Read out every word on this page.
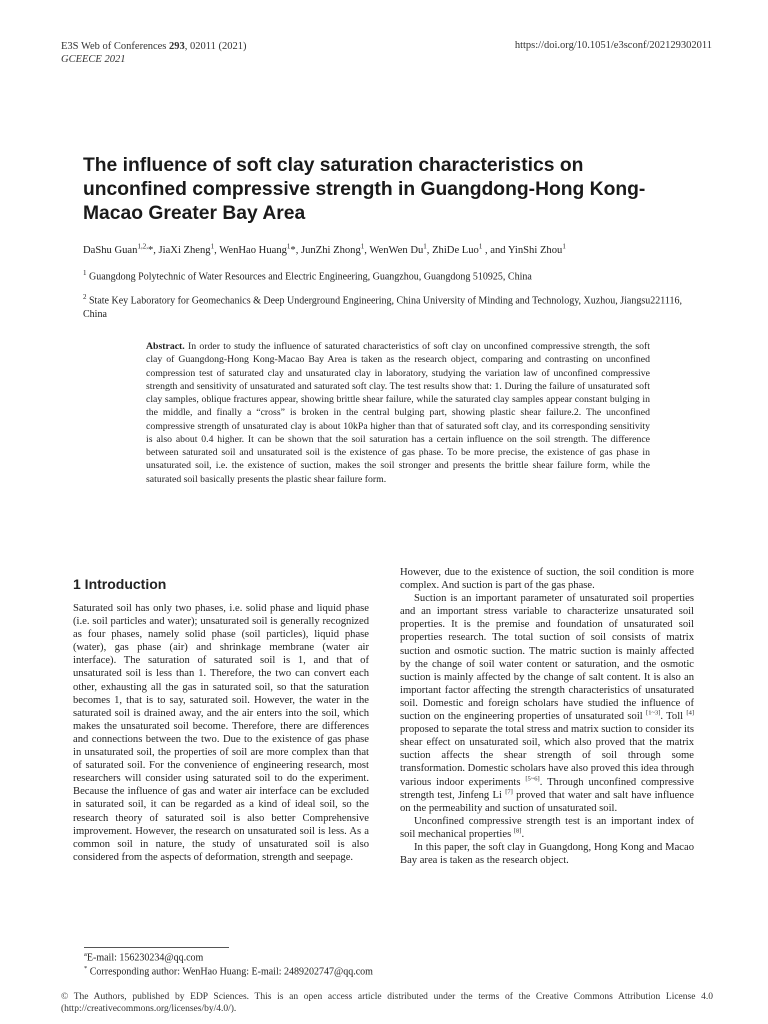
E3S Web of Conferences 293, 02011 (2021)
GCEECE 2021
https://doi.org/10.1051/e3sconf/202129302011
The influence of soft clay saturation characteristics on unconfined compressive strength in Guangdong-Hong Kong-Macao Greater Bay Area
DaShu Guan$^{1,2,}$*, JiaXi Zheng$^1$, WenHao Huang$^1$*, JunZhi Zhong$^1$, WenWen Du$^1$, ZhiDe Luo$^1$ , and YinShi Zhou$^1$
$^1$ Guangdong Polytechnic of Water Resources and Electric Engineering, Guangzhou, Guangdong 510925, China
$^2$ State Key Laboratory for Geomechanics & Deep Underground Engineering, China University of Minding and Technology, Xuzhou, Jiangsu221116, China

Abstract. In order to study the influence of saturated characteristics of soft clay on unconfined compressive strength, the soft clay of Guangdong-Hong Kong-Macao Bay Area is taken as the research object, comparing and contrasting on unconfined compression test of saturated clay and unsaturated clay in laboratory, studying the variation law of unconfined compressive strength and sensitivity of unsaturated and saturated soft clay. The test results show that: 1. During the failure of unsaturated soft clay samples, oblique fractures appear, showing brittle shear failure, while the saturated clay samples appear constant bulging in the middle, and finally a “cross” is broken in the central bulging part, showing plastic shear failure.2. The unconfined compressive strength of unsaturated clay is about 10kPa higher than that of saturated soft clay, and its corresponding sensitivity is also about 0.4 higher. It can be shown that the soil saturation has a certain influence on the soil strength. The difference between saturated soil and unsaturated soil is the existence of gas phase. To be more precise, the existence of gas phase in unsaturated soil, i.e. the existence of suction, makes the soil stronger and presents the brittle shear failure form, while the saturated soil basically presents the plastic shear failure form.

1 Introduction

Saturated soil has only two phases, i.e. solid phase and liquid phase (i.e. soil particles and water); unsaturated soil is generally recognized as four phases, namely solid phase (soil particles), liquid phase (water), gas phase (air) and shrinkage membrane (water air interface). The saturation of saturated soil is 1, and that of unsaturated soil is less than 1. Therefore, the two can convert each other, exhausting all the gas in saturated soil, so that the saturation becomes 1, that is to say, saturated soil. However, the water in the saturated soil is drained away, and the air enters into the soil, which makes the unsaturated soil become. Therefore, there are differences and connections between the two. Due to the existence of gas phase in unsaturated soil, the properties of soil are more complex than that of saturated soil. For the convenience of engineering research, most researchers will consider using saturated soil to do the experiment. Because the influence of gas and water air interface can be excluded in saturated soil, it can be regarded as a kind of ideal soil, so the research theory of saturated soil is also better Comprehensive improvement. However, the research on unsaturated soil is less. As a common soil in nature, the study of unsaturated soil is also considered from the aspects of deformation, strength and seepage.

However, due to the existence of suction, the soil condition is more complex. And suction is part of the gas phase.

Suction is an important parameter of unsaturated soil properties and an important stress variable to characterize unsaturated soil properties. It is the premise and foundation of unsaturated soil properties research. The total suction of soil consists of matrix suction and osmotic suction. The matric suction is mainly affected by the change of soil water content or saturation, and the osmotic suction is mainly affected by the change of salt content. It is also an important factor affecting the strength characteristics of unsaturated soil. Domestic and foreign scholars have studied the influence of suction on the engineering properties of unsaturated soil [1~3]. Toll [4] proposed to separate the total stress and matrix suction to consider its shear effect on unsaturated soil, which also proved that the matrix suction affects the shear strength of soil through some transformation. Domestic scholars have also proved this idea through various indoor experiments [5~6]. Through unconfined compressive strength test, Jinfeng Li [7] proved that water and salt have influence on the permeability and suction of unsaturated soil.

Unconfined compressive strength test is an important index of soil mechanical properties [8].

In this paper, the soft clay in Guangdong, Hong Kong and Macao Bay area is taken as the research object.

$^a$E-mail: 156230234@qq.com
* Corresponding author: WenHao Huang: E-mail: 2489202747@qq.com
© The Authors, published by EDP Sciences. This is an open access article distributed under the terms of the Creative Commons Attribution License 4.0 (http://creativecommons.org/licenses/by/4.0/).
